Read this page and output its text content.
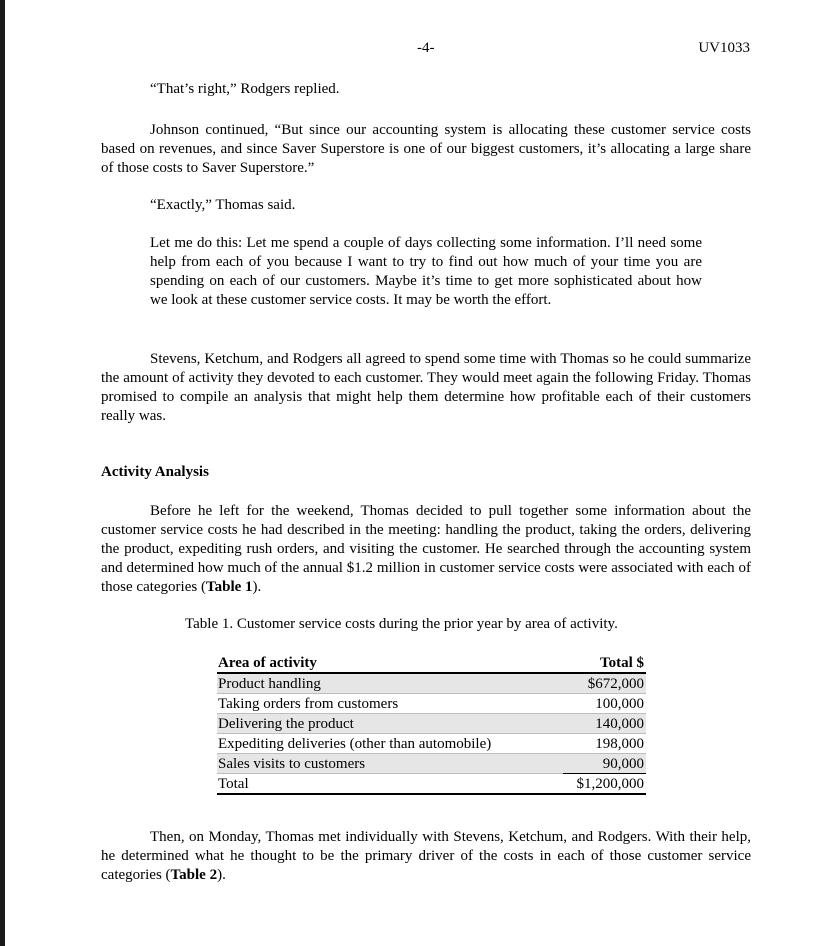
-4-	UV1033

“That’s right,” Rodgers replied.

Johnson continued, “But since our accounting system is allocating these customer service costs based on revenues, and since Saver Superstore is one of our biggest customers, it’s allocating a large share of those costs to Saver Superstore.”

“Exactly,” Thomas said.

Let me do this: Let me spend a couple of days collecting some information. I’ll need some help from each of you because I want to try to find out how much of your time you are spending on each of our customers. Maybe it’s time to get more sophisticated about how we look at these customer service costs. It may be worth the effort.

Stevens, Ketchum, and Rodgers all agreed to spend some time with Thomas so he could summarize the amount of activity they devoted to each customer. They would meet again the following Friday. Thomas promised to compile an analysis that might help them determine how profitable each of their customers really was.

Activity Analysis

Before he left for the weekend, Thomas decided to pull together some information about the customer service costs he had described in the meeting: handling the product, taking the orders, delivering the product, expediting rush orders, and visiting the customer. He searched through the accounting system and determined how much of the annual $1.2 million in customer service costs were associated with each of those categories (Table 1).

Table 1. Customer service costs during the prior year by area of activity.
Area of activity		Total $
Product handling		$672,000
Taking orders from customers		100,000
Delivering the product		140,000
Expediting deliveries (other than automobile)		198,000
Sales visits to customers		90,000
Total		$1,200,000

Then, on Monday, Thomas met individually with Stevens, Ketchum, and Rodgers. With their help, he determined what he thought to be the primary driver of the costs in each of those customer service categories (Table 2).
